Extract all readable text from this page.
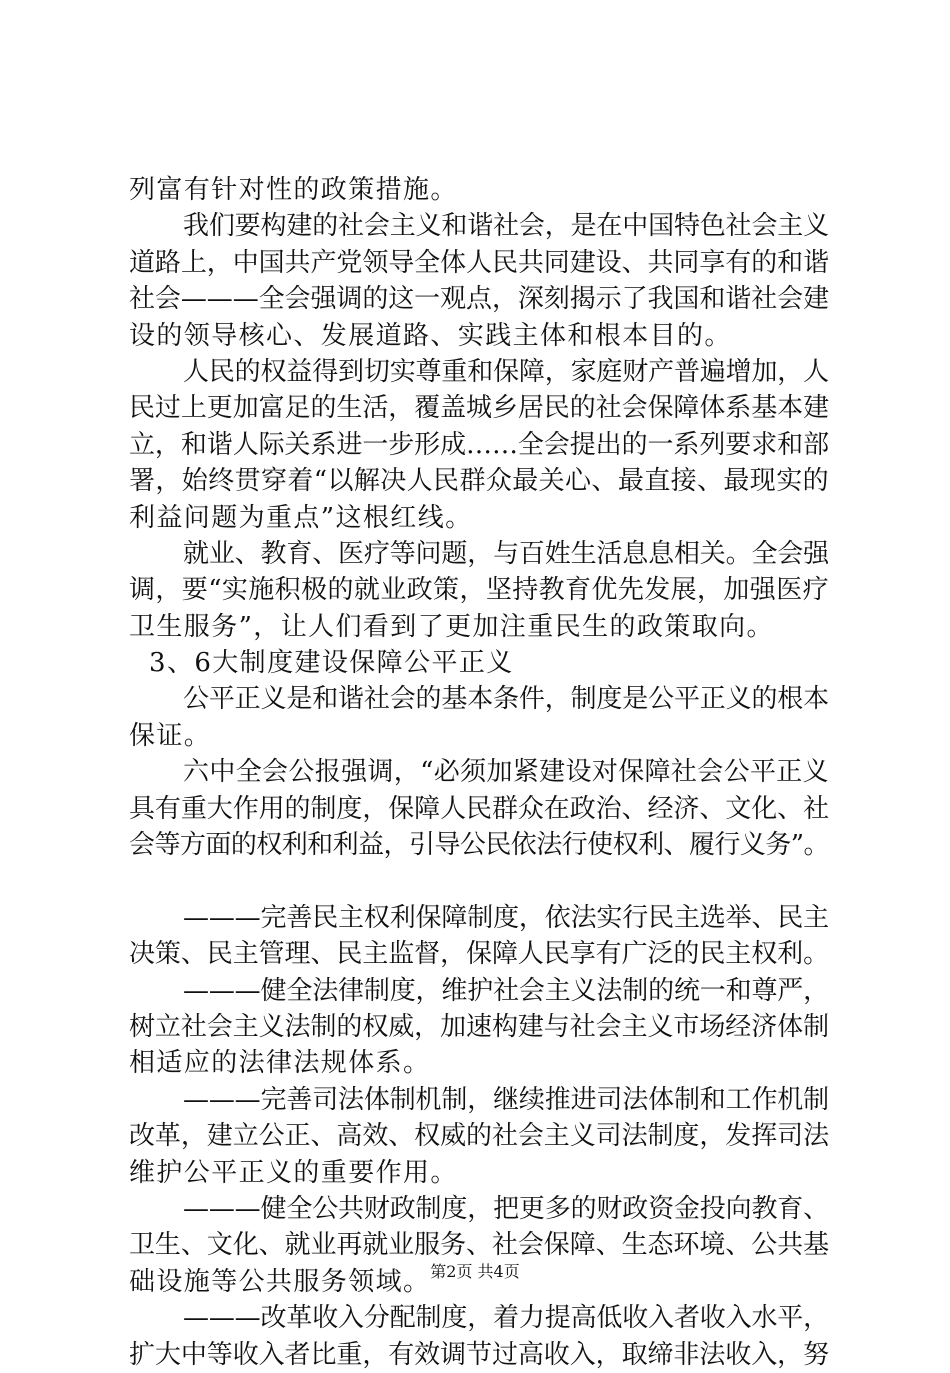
列富有针对性的政策措施。
我们要构建的社会主义和谐社会，是在中国特色社会主义
道路上，中国共产党领导全体人民共同建设、共同享有的和谐
社会———全会强调的这一观点，深刻揭示了我国和谐社会建
设的领导核心、发展道路、实践主体和根本目的。
人民的权益得到切实尊重和保障，家庭财产普遍增加，人
民过上更加富足的生活，覆盖城乡居民的社会保障体系基本建
立，和谐人际关系进一步形成……全会提出的一系列要求和部
署，始终贯穿着“以解决人民群众最关心、最直接、最现实的
利益问题为重点”这根红线。
就业、教育、医疗等问题，与百姓生活息息相关。全会强
调，要“实施积极的就业政策，坚持教育优先发展，加强医疗
卫生服务”，让人们看到了更加注重民生的政策取向。
3、6大制度建设保障公平正义
公平正义是和谐社会的基本条件，制度是公平正义的根本
保证。
六中全会公报强调，“必须加紧建设对保障社会公平正义
具有重大作用的制度，保障人民群众在政治、经济、文化、社
会等方面的权利和利益，引导公民依法行使权利、履行义务”。
———完善民主权利保障制度，依法实行民主选举、民主
决策、民主管理、民主监督，保障人民享有广泛的民主权利。
———健全法律制度，维护社会主义法制的统一和尊严，
树立社会主义法制的权威，加速构建与社会主义市场经济体制
相适应的法律法规体系。
———完善司法体制机制，继续推进司法体制和工作机制
改革，建立公正、高效、权威的社会主义司法制度，发挥司法
维护公平正义的重要作用。
———健全公共财政制度，把更多的财政资金投向教育、
卫生、文化、就业再就业服务、社会保障、生态环境、公共基
础设施等公共服务领域。
———改革收入分配制度，着力提高低收入者收入水平，
扩大中等收入者比重，有效调节过高收入，取缔非法收入，努
第2页 共4页
